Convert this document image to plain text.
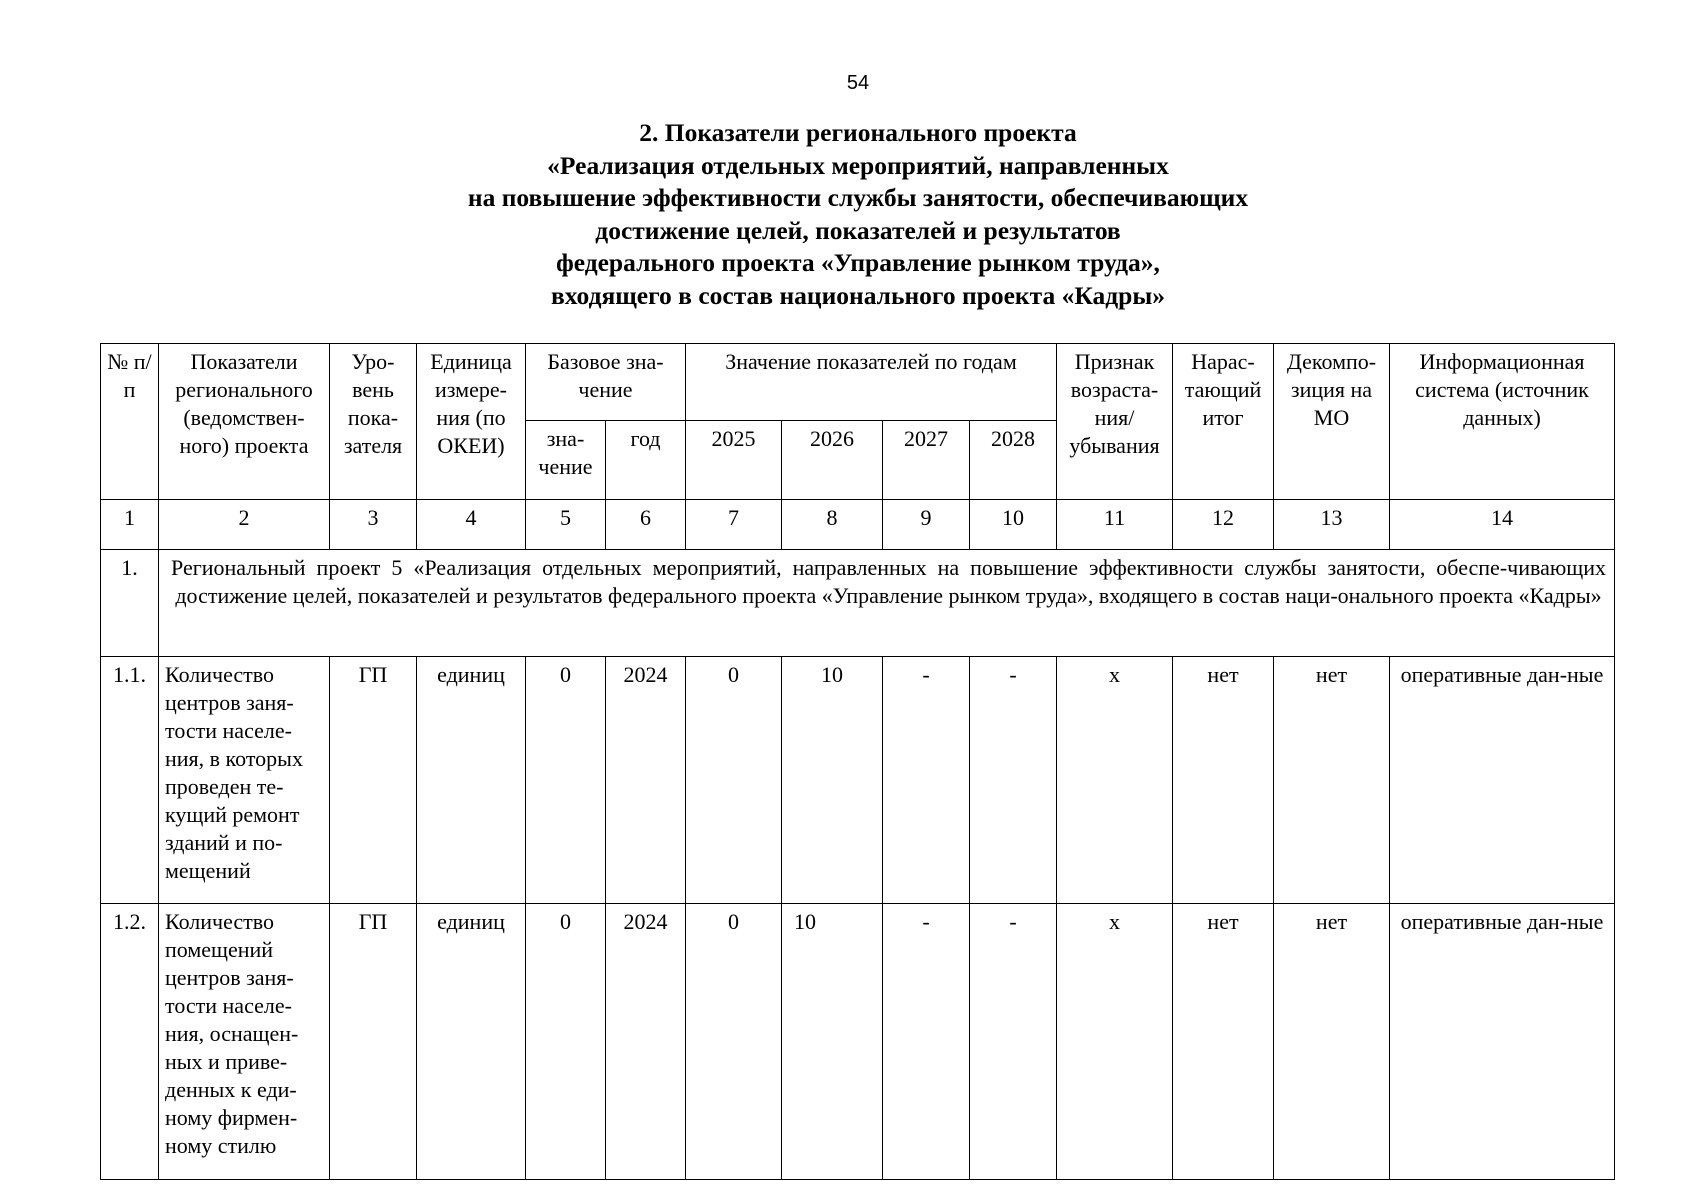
54
2. Показатели регионального проекта
«Реализация отдельных мероприятий, направленных
на повышение эффективности службы занятости, обеспечивающих
достижение целей, показателей и результатов
федерального проекта «Управление рынком труда»,
входящего в состав национального проекта «Кадры»
№ п/п	Показатели регионального (ведомствен-ного) проекта	Уро-вень пока-зателя	Единица измере-ния (по ОКЕИ)	Базовое зна-чение		Значение показателей по годам				Признак возраста-ния/ убывания	Нарас-тающий итог	Декомпо-зиция на МО	Информационная система (источник данных)
				зна-чение	год	2025	2026	2027	2028				
1	2	3	4	5	6	7	8	9	10	11	12	13	14
1.	Региональный проект 5 «Реализация отдельных мероприятий, направленных на повышение эффективности службы занятости, обеспе-чивающих достижение целей, показателей и результатов федерального проекта «Управление рынком труда», входящего в состав наци-онального проекта «Кадры»												
1.1.	Количество центров заня-тости населе-ния, в которых проведен те-кущий ремонт зданий и по-мещений	ГП	единиц	0	2024	0	10	-	-	х	нет	нет	оперативные дан-ные
1.2.	Количество помещений центров заня-тости населе-ния, оснащен-ных и приве-денных к еди-ному фирмен-ному стилю	ГП	единиц	0	2024	0	10	-	-	х	нет	нет	оперативные дан-ные
